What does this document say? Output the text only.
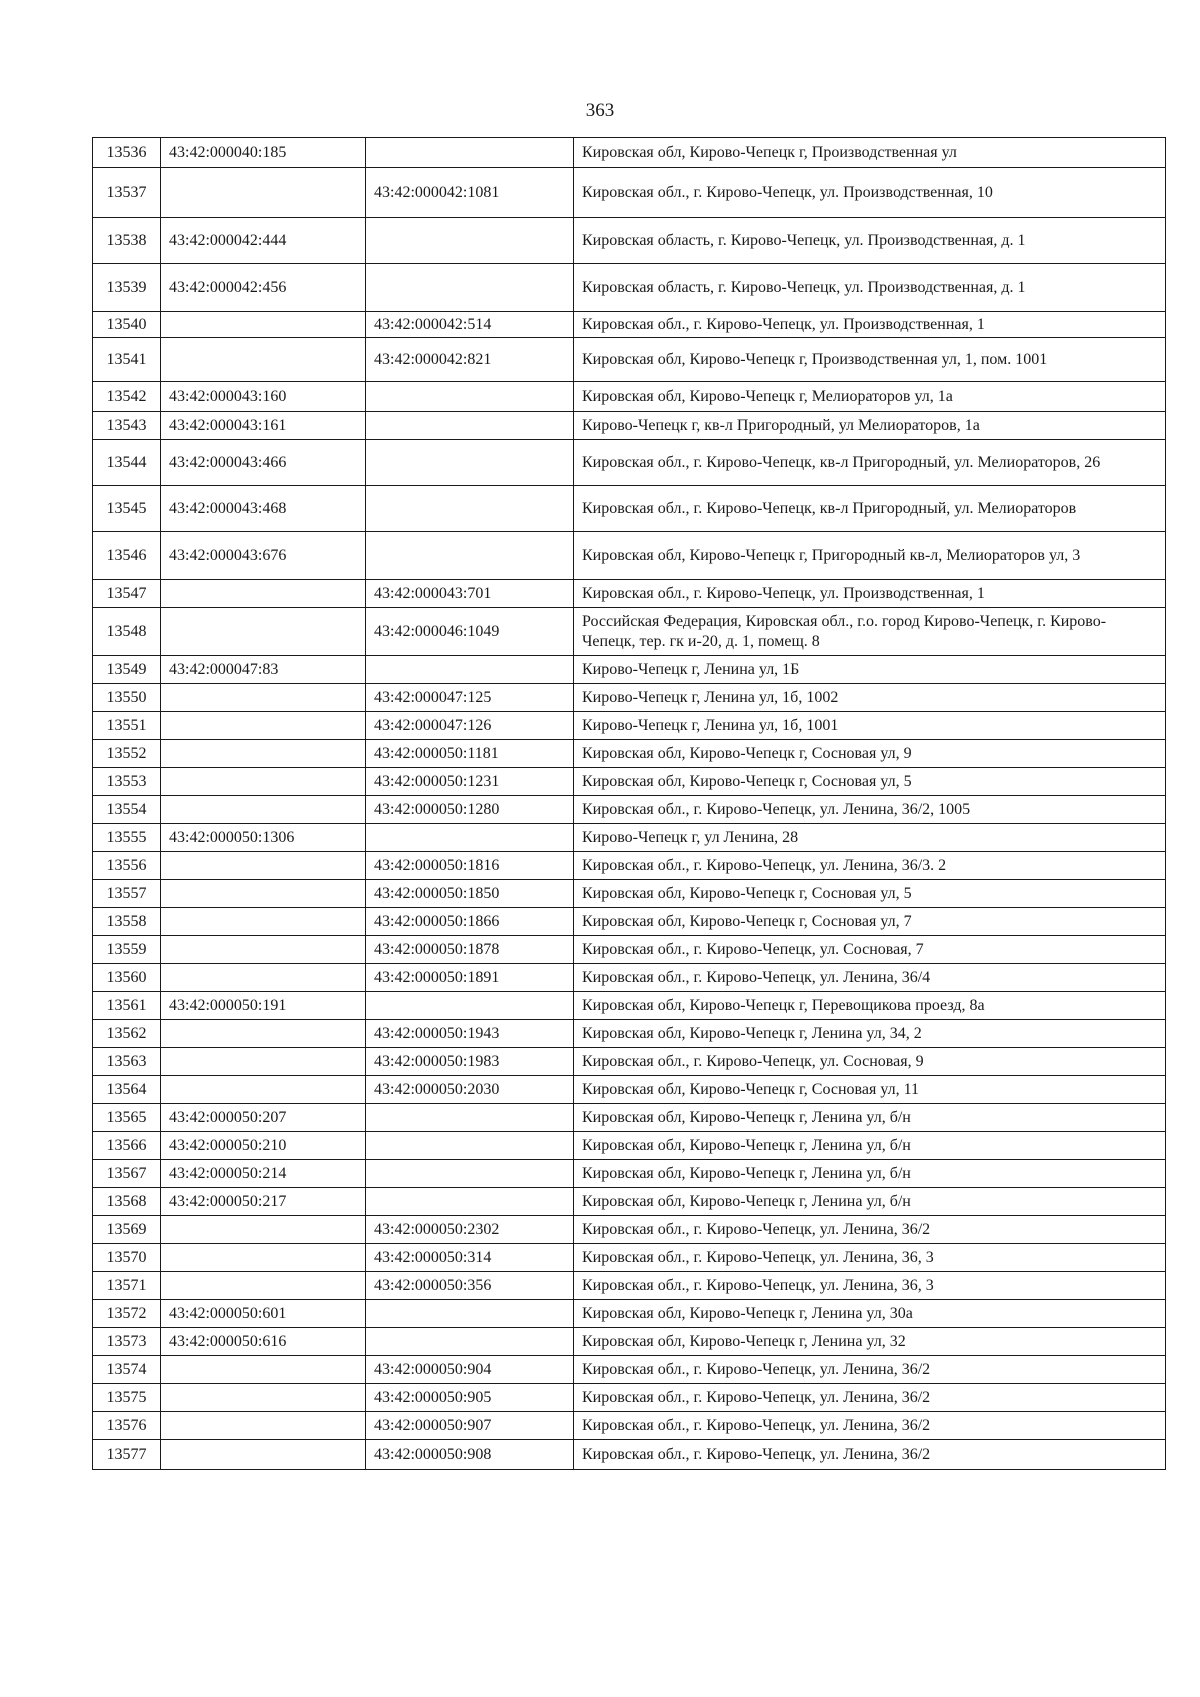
363
13536	43:42:000040:185		Кировская обл, Кирово-Чепецк г, Производственная ул
13537		43:42:000042:1081	Кировская обл., г. Кирово-Чепецк, ул. Производственная, 10
13538	43:42:000042:444		Кировская область, г. Кирово-Чепецк, ул. Производственная, д. 1
13539	43:42:000042:456		Кировская область, г. Кирово-Чепецк, ул. Производственная, д. 1
13540		43:42:000042:514	Кировская обл., г. Кирово-Чепецк, ул. Производственная, 1
13541		43:42:000042:821	Кировская обл, Кирово-Чепецк г, Производственная ул, 1, пом. 1001
13542	43:42:000043:160		Кировская обл, Кирово-Чепецк г, Мелиораторов ул, 1а
13543	43:42:000043:161		Кирово-Чепецк г, кв-л Пригородный, ул Мелиораторов, 1а
13544	43:42:000043:466		Кировская обл., г. Кирово-Чепецк, кв-л Пригородный, ул. Мелиораторов, 26
13545	43:42:000043:468		Кировская обл., г. Кирово-Чепецк, кв-л Пригородный, ул. Мелиораторов
13546	43:42:000043:676		Кировская обл, Кирово-Чепецк г, Пригородный кв-л, Мелиораторов ул, 3
13547		43:42:000043:701	Кировская обл., г. Кирово-Чепецк, ул. Производственная, 1
13548		43:42:000046:1049	Российская Федерация, Кировская обл., г.о. город Кирово-Чепецк, г. Кирово-Чепецк, тер. гк и-20, д. 1, помещ. 8
13549	43:42:000047:83		Кирово-Чепецк г, Ленина ул, 1Б
13550		43:42:000047:125	Кирово-Чепецк г, Ленина ул, 1б, 1002
13551		43:42:000047:126	Кирово-Чепецк г, Ленина ул, 1б, 1001
13552		43:42:000050:1181	Кировская обл, Кирово-Чепецк г, Сосновая ул, 9
13553		43:42:000050:1231	Кировская обл, Кирово-Чепецк г, Сосновая ул, 5
13554		43:42:000050:1280	Кировская обл., г. Кирово-Чепецк, ул. Ленина, 36/2, 1005
13555	43:42:000050:1306		Кирово-Чепецк г, ул Ленина, 28
13556		43:42:000050:1816	Кировская обл., г. Кирово-Чепецк, ул. Ленина, 36/3. 2
13557		43:42:000050:1850	Кировская обл, Кирово-Чепецк г, Сосновая ул, 5
13558		43:42:000050:1866	Кировская обл, Кирово-Чепецк г, Сосновая ул, 7
13559		43:42:000050:1878	Кировская обл., г. Кирово-Чепецк, ул. Сосновая, 7
13560		43:42:000050:1891	Кировская обл., г. Кирово-Чепецк, ул. Ленина, 36/4
13561	43:42:000050:191		Кировская обл, Кирово-Чепецк г, Перевощикова проезд, 8а
13562		43:42:000050:1943	Кировская обл, Кирово-Чепецк г, Ленина ул, 34, 2
13563		43:42:000050:1983	Кировская обл., г. Кирово-Чепецк, ул. Сосновая, 9
13564		43:42:000050:2030	Кировская обл, Кирово-Чепецк г, Сосновая ул, 11
13565	43:42:000050:207		Кировская обл, Кирово-Чепецк г, Ленина ул, б/н
13566	43:42:000050:210		Кировская обл, Кирово-Чепецк г, Ленина ул, б/н
13567	43:42:000050:214		Кировская обл, Кирово-Чепецк г, Ленина ул, б/н
13568	43:42:000050:217		Кировская обл, Кирово-Чепецк г, Ленина ул, б/н
13569		43:42:000050:2302	Кировская обл., г. Кирово-Чепецк, ул. Ленина, 36/2
13570		43:42:000050:314	Кировская обл., г. Кирово-Чепецк, ул. Ленина, 36, 3
13571		43:42:000050:356	Кировская обл., г. Кирово-Чепецк, ул. Ленина, 36, 3
13572	43:42:000050:601		Кировская обл, Кирово-Чепецк г, Ленина ул, 30а
13573	43:42:000050:616		Кировская обл, Кирово-Чепецк г, Ленина ул, 32
13574		43:42:000050:904	Кировская обл., г. Кирово-Чепецк, ул. Ленина, 36/2
13575		43:42:000050:905	Кировская обл., г. Кирово-Чепецк, ул. Ленина, 36/2
13576		43:42:000050:907	Кировская обл., г. Кирово-Чепецк, ул. Ленина, 36/2
13577		43:42:000050:908	Кировская обл., г. Кирово-Чепецк, ул. Ленина, 36/2
